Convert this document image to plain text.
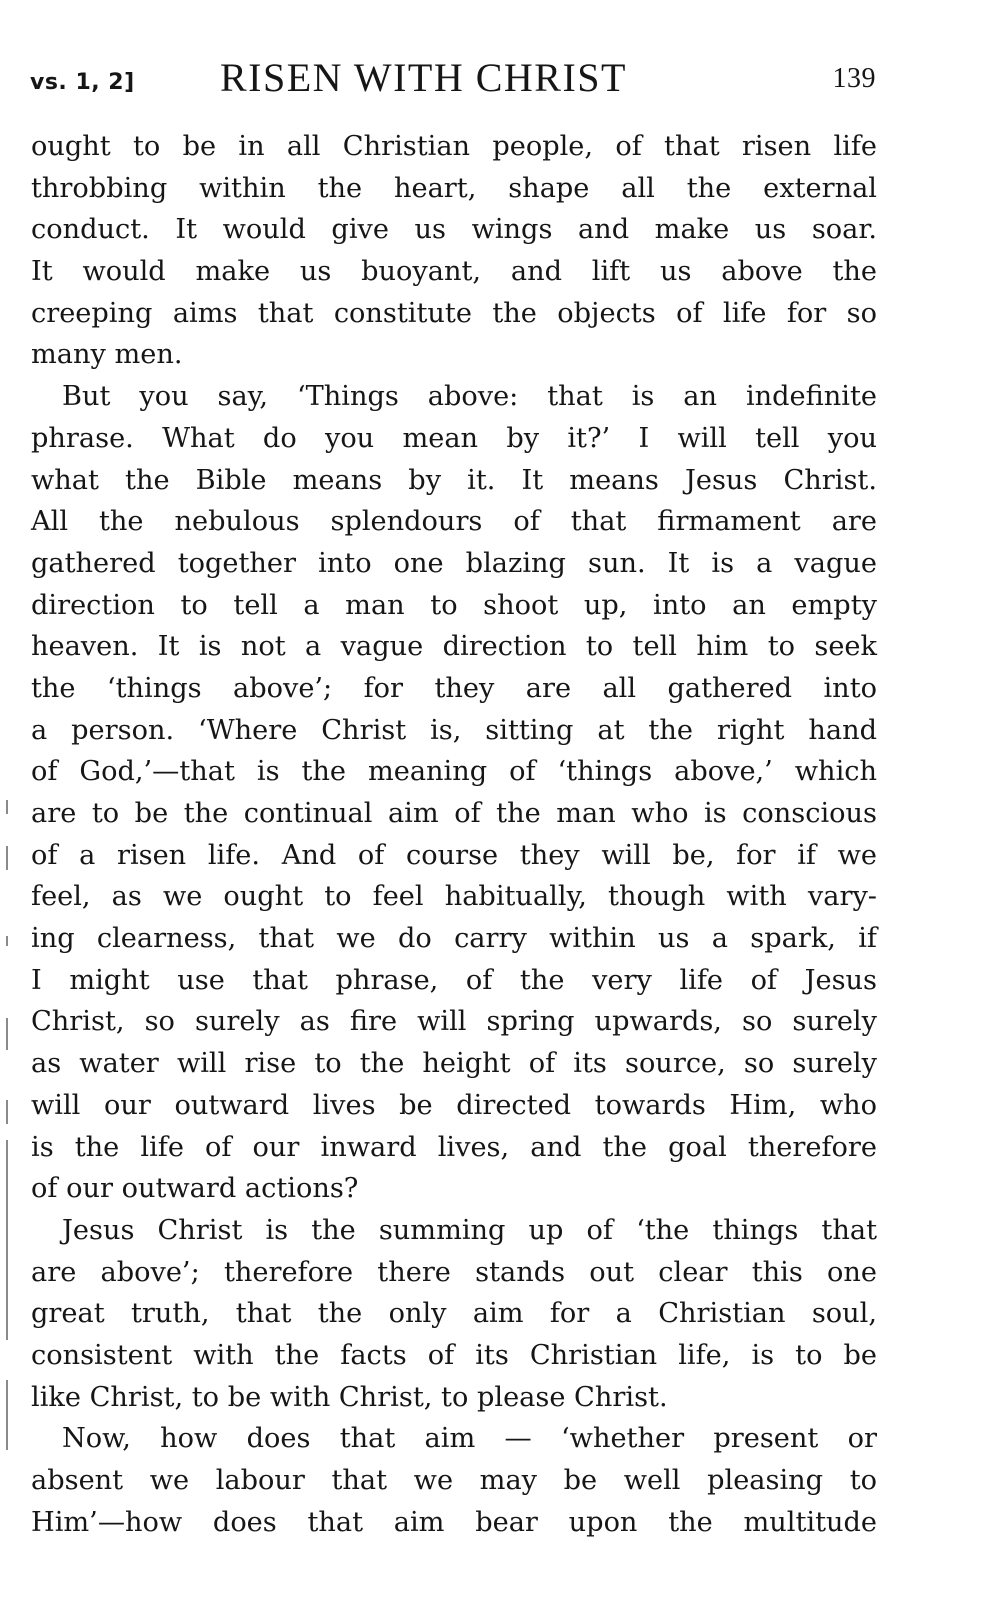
vs. 1, 2] RISEN WITH CHRIST	139
ought to be in all Christian people, of that risen life
throbbing within the heart, shape all the external
conduct. It would give us wings and make us soar.
It would make us buoyant, and lift us above the
creeping aims that constitute the objects of life for so
many men.
But you say, ‘Things above: that is an indefinite
phrase. What do you mean by it?’ I will tell you
what the Bible means by it. It means Jesus Christ.
All the nebulous splendours of that firmament are
gathered together into one blazing sun. It is a vague
direction to tell a man to shoot up, into an empty
heaven. It is not a vague direction to tell him to seek
the ‘things above’; for they are all gathered into
a person. ‘Where Christ is, sitting at the right hand
of God,’—that is the meaning of ‘things above,’ which
are to be the continual aim of the man who is conscious
of a risen life. And of course they will be, for if we
feel, as we ought to feel habitually, though with vary-
ing clearness, that we do carry within us a spark, if
I might use that phrase, of the very life of Jesus
Christ, so surely as fire will spring upwards, so surely
as water will rise to the height of its source, so surely
will our outward lives be directed towards Him, who
is the life of our inward lives, and the goal therefore
of our outward actions?
Jesus Christ is the summing up of ‘the things that
are above’; therefore there stands out clear this one
great truth, that the only aim for a Christian soul,
consistent with the facts of its Christian life, is to be
like Christ, to be with Christ, to please Christ.
Now, how does that aim — ‘whether present or
absent we labour that we may be well pleasing to
Him’—how does that aim bear upon the multitude
